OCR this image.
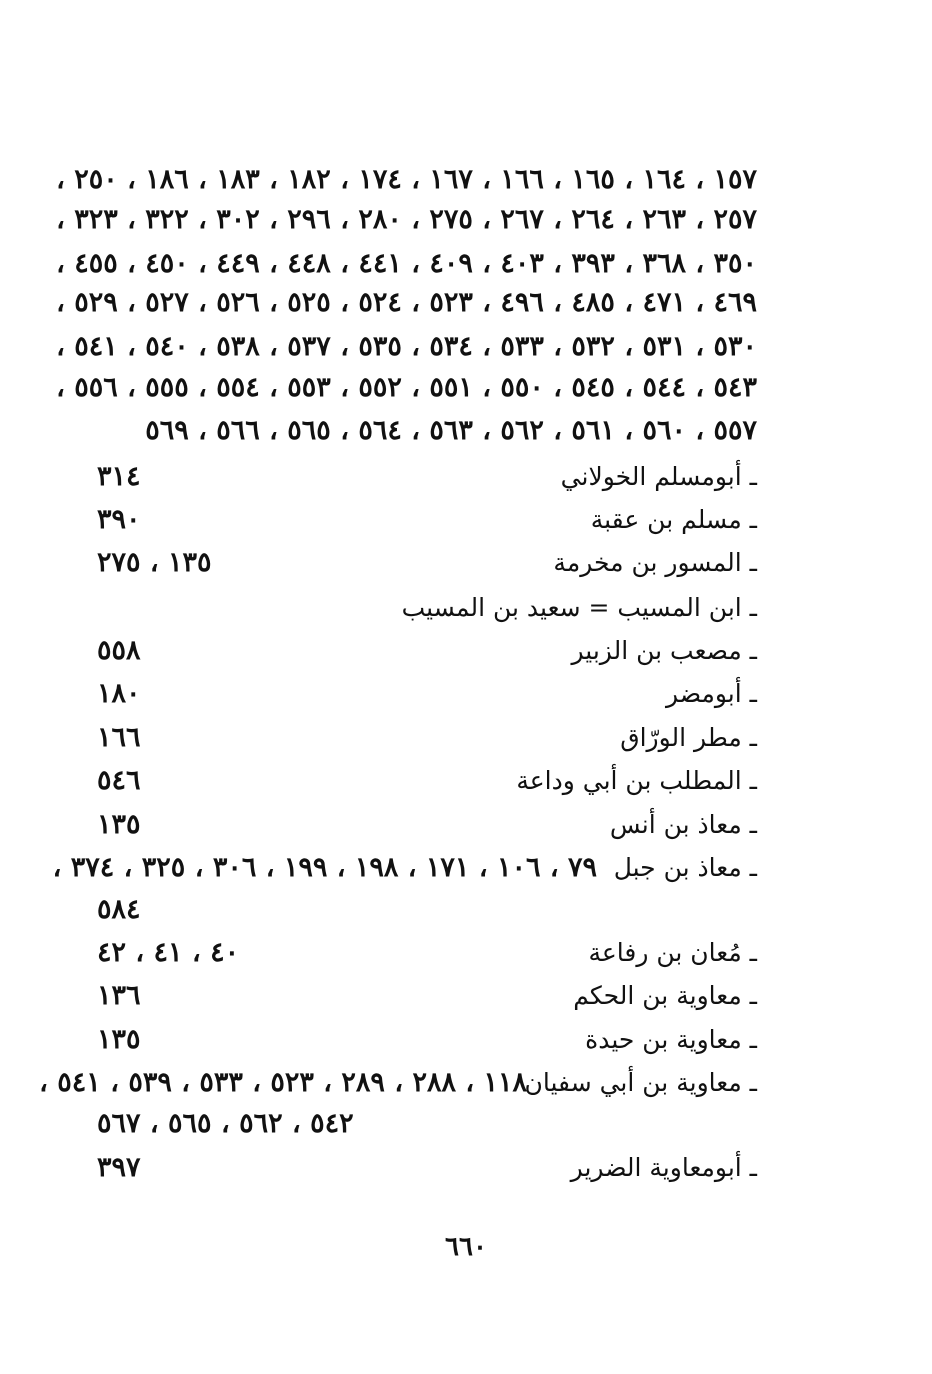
١٥٧ ، ١٦٤ ، ١٦٥ ، ١٦٦ ، ١٦٧ ، ١٧٤ ، ١٨٢ ، ١٨٣ ، ١٨٦ ، ٢٥٠ ،
٢٥٧ ، ٢٦٣ ، ٢٦٤ ، ٢٦٧ ، ٢٧٥ ، ٢٨٠ ، ٢٩٦ ، ٣٠٢ ، ٣٢٢ ، ٣٢٣ ،
٣٥٠ ، ٣٦٨ ، ٣٩٣ ، ٤٠٣ ، ٤٠٩ ، ٤٤١ ، ٤٤٨ ، ٤٤٩ ، ٤٥٠ ، ٤٥٥ ،
٤٦٩ ، ٤٧١ ، ٤٨٥ ، ٤٩٦ ، ٥٢٣ ، ٥٢٤ ، ٥٢٥ ، ٥٢٦ ، ٥٢٧ ، ٥٢٩ ،
٥٣٠ ، ٥٣١ ، ٥٣٢ ، ٥٣٣ ، ٥٣٤ ، ٥٣٥ ، ٥٣٧ ، ٥٣٨ ، ٥٤٠ ، ٥٤١ ،
٥٤٣ ، ٥٤٤ ، ٥٤٥ ، ٥٥٠ ، ٥٥١ ، ٥٥٢ ، ٥٥٣ ، ٥٥٤ ، ٥٥٥ ، ٥٥٦ ،
٥٥٧ ، ٥٦٠ ، ٥٦١ ، ٥٦٢ ، ٥٦٣ ، ٥٦٤ ، ٥٦٥ ، ٥٦٦ ، ٥٦٩
ـ أبومسلم الخولاني
٣١٤
ـ مسلم بن عقبة
٣٩٠
ـ المسور بن مخرمة
١٣٥ ، ٢٧٥
ـ ابن المسيب = سعيد بن المسيب
ـ مصعب بن الزبير
٥٥٨
ـ أبومضر
١٨٠
ـ مطر الورّاق
١٦٦
ـ المطلب بن أبي وداعة
٥٤٦
ـ معاذ بن أنس
١٣٥
ـ معاذ بن جبل
٧٩ ، ١٠٦ ، ١٧١ ، ١٩٨ ، ١٩٩ ، ٣٠٦ ، ٣٢٥ ، ٣٧٤ ،
٥٨٤
ـ مُعان بن رفاعة
٤٠ ، ٤١ ، ٤٢
ـ معاوية بن الحكم
١٣٦
ـ معاوية بن حيدة
١٣٥
ـ معاوية بن أبي سفيان
١١٨ ، ٢٨٨ ، ٢٨٩ ، ٥٢٣ ، ٥٣٣ ، ٥٣٩ ، ٥٤١ ،
٥٤٢ ، ٥٦٢ ، ٥٦٥ ، ٥٦٧
ـ أبومعاوية الضرير
٣٩٧
٦٦٠
